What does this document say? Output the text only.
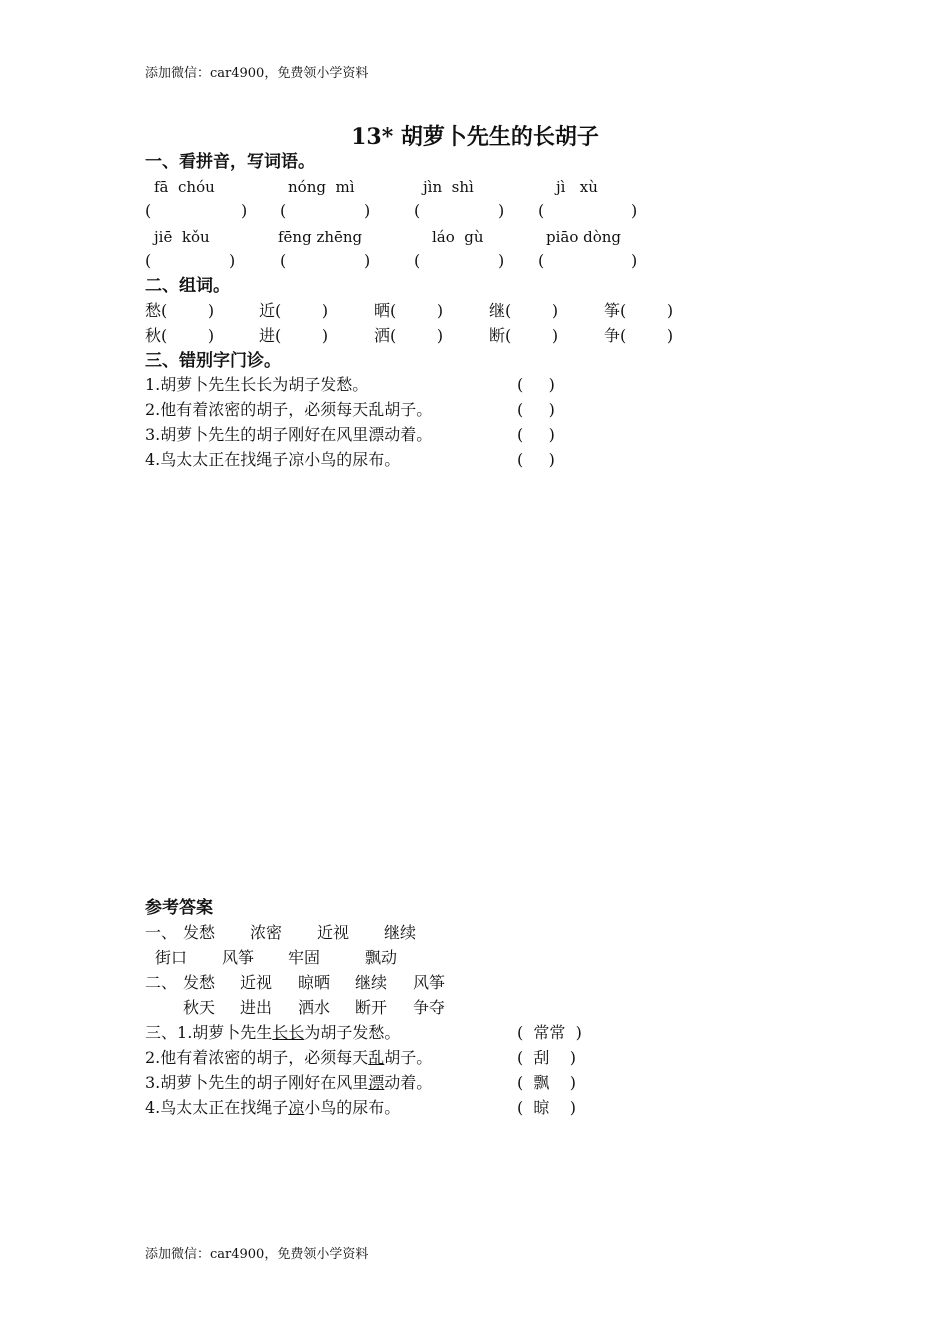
添加微信：car4900，免费领小学资料
13* 胡萝卜先生的长胡子
一、看拼音，写词语。
fā  chóu	nóng  mì	jìn  shì	jì   xù
(	) (	)	(	) (	)
jiē  kǒu	fēng zhēng	láo  gù	piāo dòng
(	)	(	)	(	) (	)
二、组词。
愁(        )	近(        )	晒(        )	继(        )	筝(        )
秋(        )	进(        )	洒(        )	断(        )	争(        )
三、错别字门诊。
1.胡萝卜先生长长为胡子发愁。	(     )
2.他有着浓密的胡子，必须每天乱胡子。	(     )
3.胡萝卜先生的胡子刚好在风里漂动着。	(     )
4.鸟太太正在找绳子凉小鸟的尿布。	(     )
参考答案
一、 发愁 浓密 近视 继续
街口 风筝 牢固	飘动
二、 发愁 近视 晾晒 继续 风筝
秋天 进出 洒水 断开 争夺
三、1.胡萝卜先生长长为胡子发愁。	(  常常  )
2.他有着浓密的胡子，必须每天乱胡子。	(  刮    )
3.胡萝卜先生的胡子刚好在风里漂动着。	(  飘    )
4.鸟太太正在找绳子凉小鸟的尿布。	(  晾    )
添加微信：car4900，免费领小学资料
